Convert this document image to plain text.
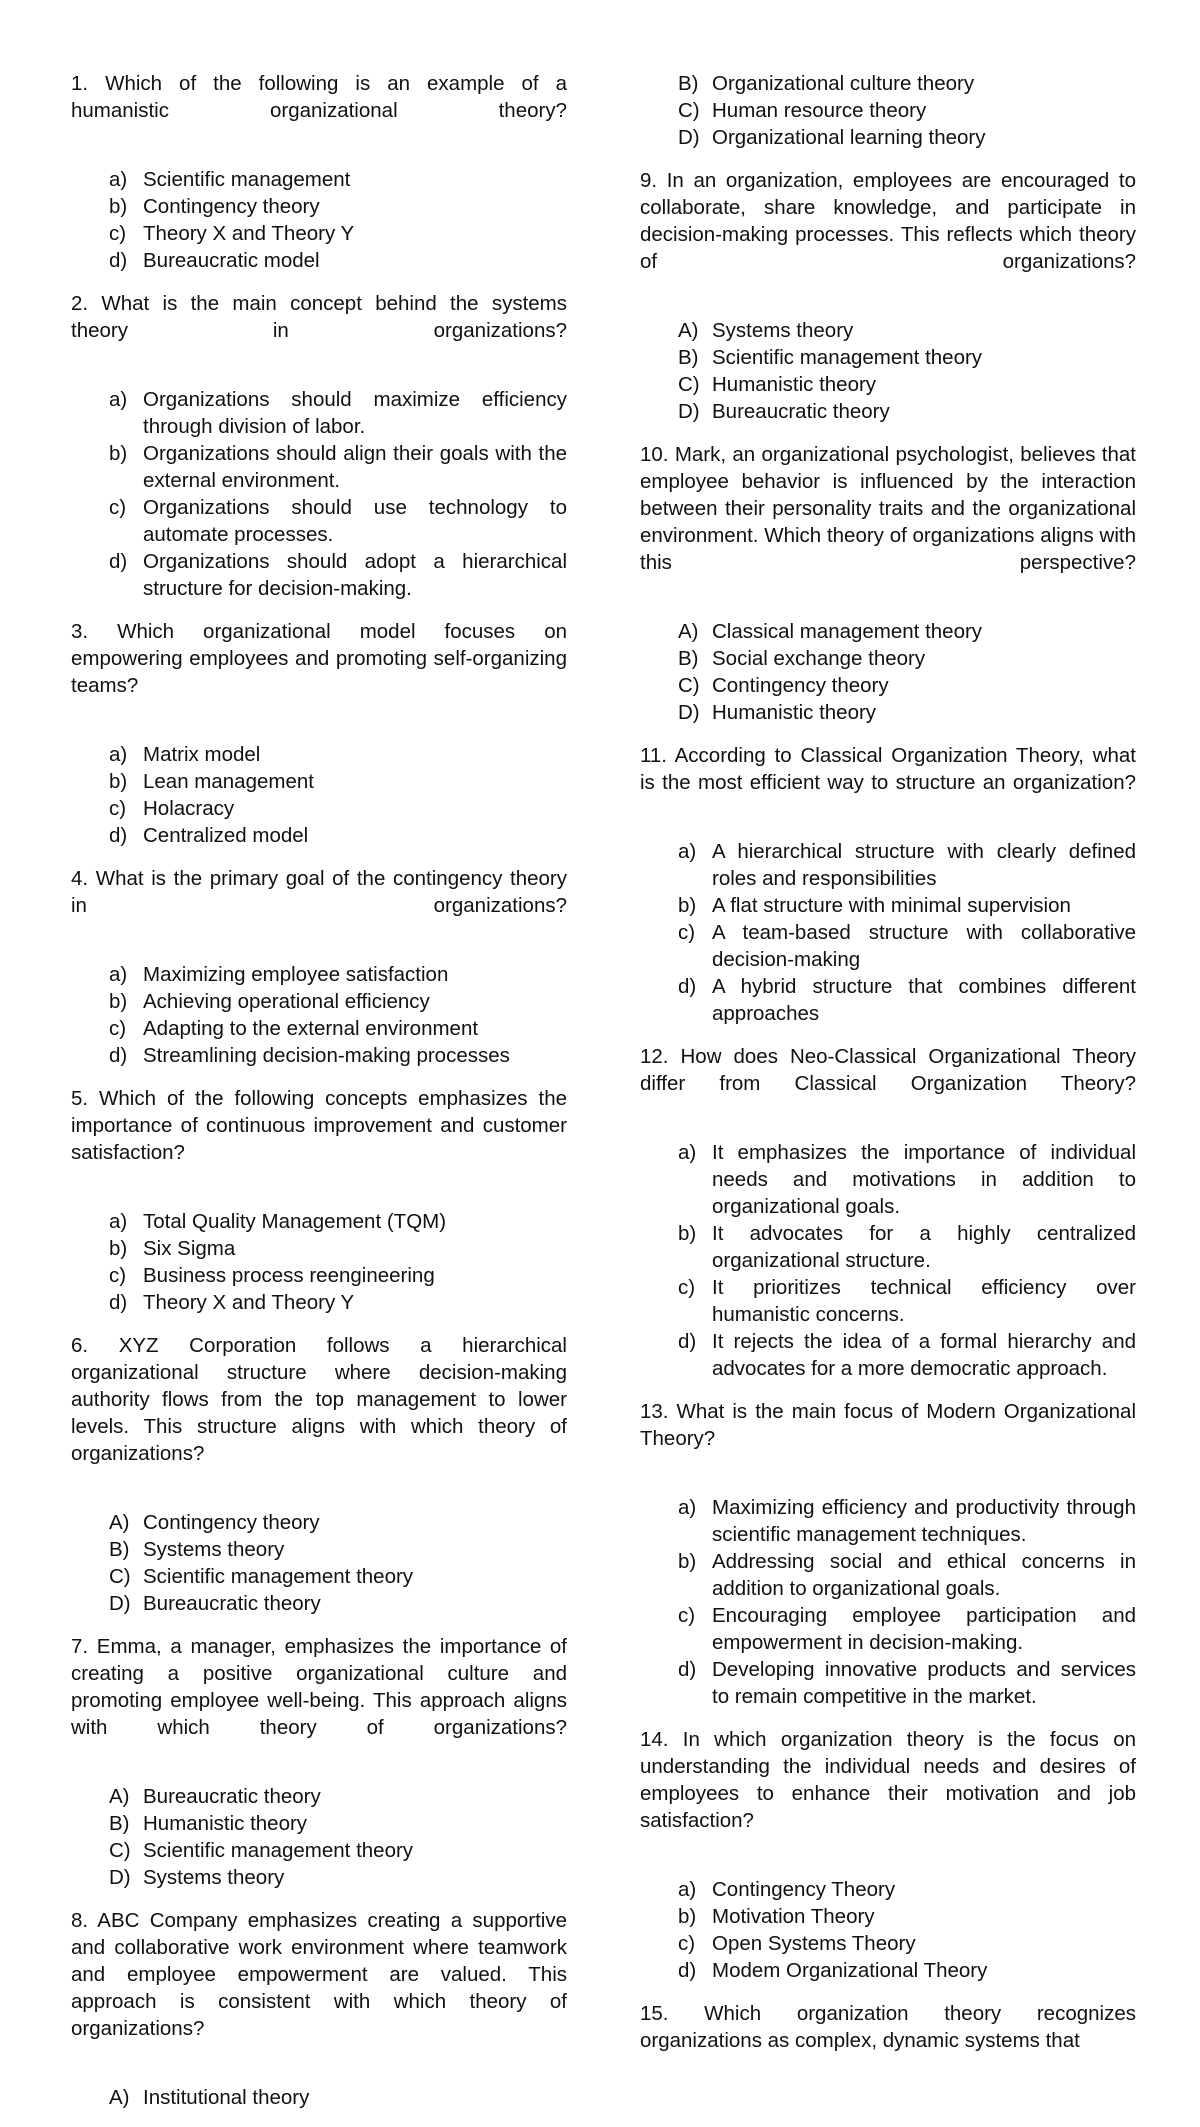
1. Which of the following is an example of a humanistic organizational theory?
a) Scientific management
b) Contingency theory
c) Theory X and Theory Y
d) Bureaucratic model
2. What is the main concept behind the systems theory in organizations?
a) Organizations should maximize efficiency through division of labor.
b) Organizations should align their goals with the external environment.
c) Organizations should use technology to automate processes.
d) Organizations should adopt a hierarchical structure for decision-making.
3. Which organizational model focuses on empowering employees and promoting self-organizing teams?
a) Matrix model
b) Lean management
c) Holacracy
d) Centralized model
4. What is the primary goal of the contingency theory in organizations?
a) Maximizing employee satisfaction
b) Achieving operational efficiency
c) Adapting to the external environment
d) Streamlining decision-making processes
5. Which of the following concepts emphasizes the importance of continuous improvement and customer satisfaction?
a) Total Quality Management (TQM)
b) Six Sigma
c) Business process reengineering
d) Theory X and Theory Y
6. XYZ Corporation follows a hierarchical organizational structure where decision-making authority flows from the top management to lower levels. This structure aligns with which theory of organizations?
A) Contingency theory
B) Systems theory
C) Scientific management theory
D) Bureaucratic theory
7. Emma, a manager, emphasizes the importance of creating a positive organizational culture and promoting employee well-being. This approach aligns with which theory of organizations?
A) Bureaucratic theory
B) Humanistic theory
C) Scientific management theory
D) Systems theory
8. ABC Company emphasizes creating a supportive and collaborative work environment where teamwork and employee empowerment are valued. This approach is consistent with which theory of organizations?
A) Institutional theory
B) Organizational culture theory
C) Human resource theory
D) Organizational learning theory
9. In an organization, employees are encouraged to collaborate, share knowledge, and participate in decision-making processes. This reflects which theory of organizations?
A) Systems theory
B) Scientific management theory
C) Humanistic theory
D) Bureaucratic theory
10. Mark, an organizational psychologist, believes that employee behavior is influenced by the interaction between their personality traits and the organizational environment. Which theory of organizations aligns with this perspective?
A) Classical management theory
B) Social exchange theory
C) Contingency theory
D) Humanistic theory
11. According to Classical Organization Theory, what is the most efficient way to structure an organization?
a) A hierarchical structure with clearly defined roles and responsibilities
b) A flat structure with minimal supervision
c) A team-based structure with collaborative decision-making
d) A hybrid structure that combines different approaches
12. How does Neo-Classical Organizational Theory differ from Classical Organization Theory?
a) It emphasizes the importance of individual needs and motivations in addition to organizational goals.
b) It advocates for a highly centralized organizational structure.
c) It prioritizes technical efficiency over humanistic concerns.
d) It rejects the idea of a formal hierarchy and advocates for a more democratic approach.
13. What is the main focus of Modern Organizational Theory?
a) Maximizing efficiency and productivity through scientific management techniques.
b) Addressing social and ethical concerns in addition to organizational goals.
c) Encouraging employee participation and empowerment in decision-making.
d) Developing innovative products and services to remain competitive in the market.
14. In which organization theory is the focus on understanding the individual needs and desires of employees to enhance their motivation and job satisfaction?
a) Contingency Theory
b) Motivation Theory
c) Open Systems Theory
d) Modem Organizational Theory
15. Which organization theory recognizes organizations as complex, dynamic systems that
